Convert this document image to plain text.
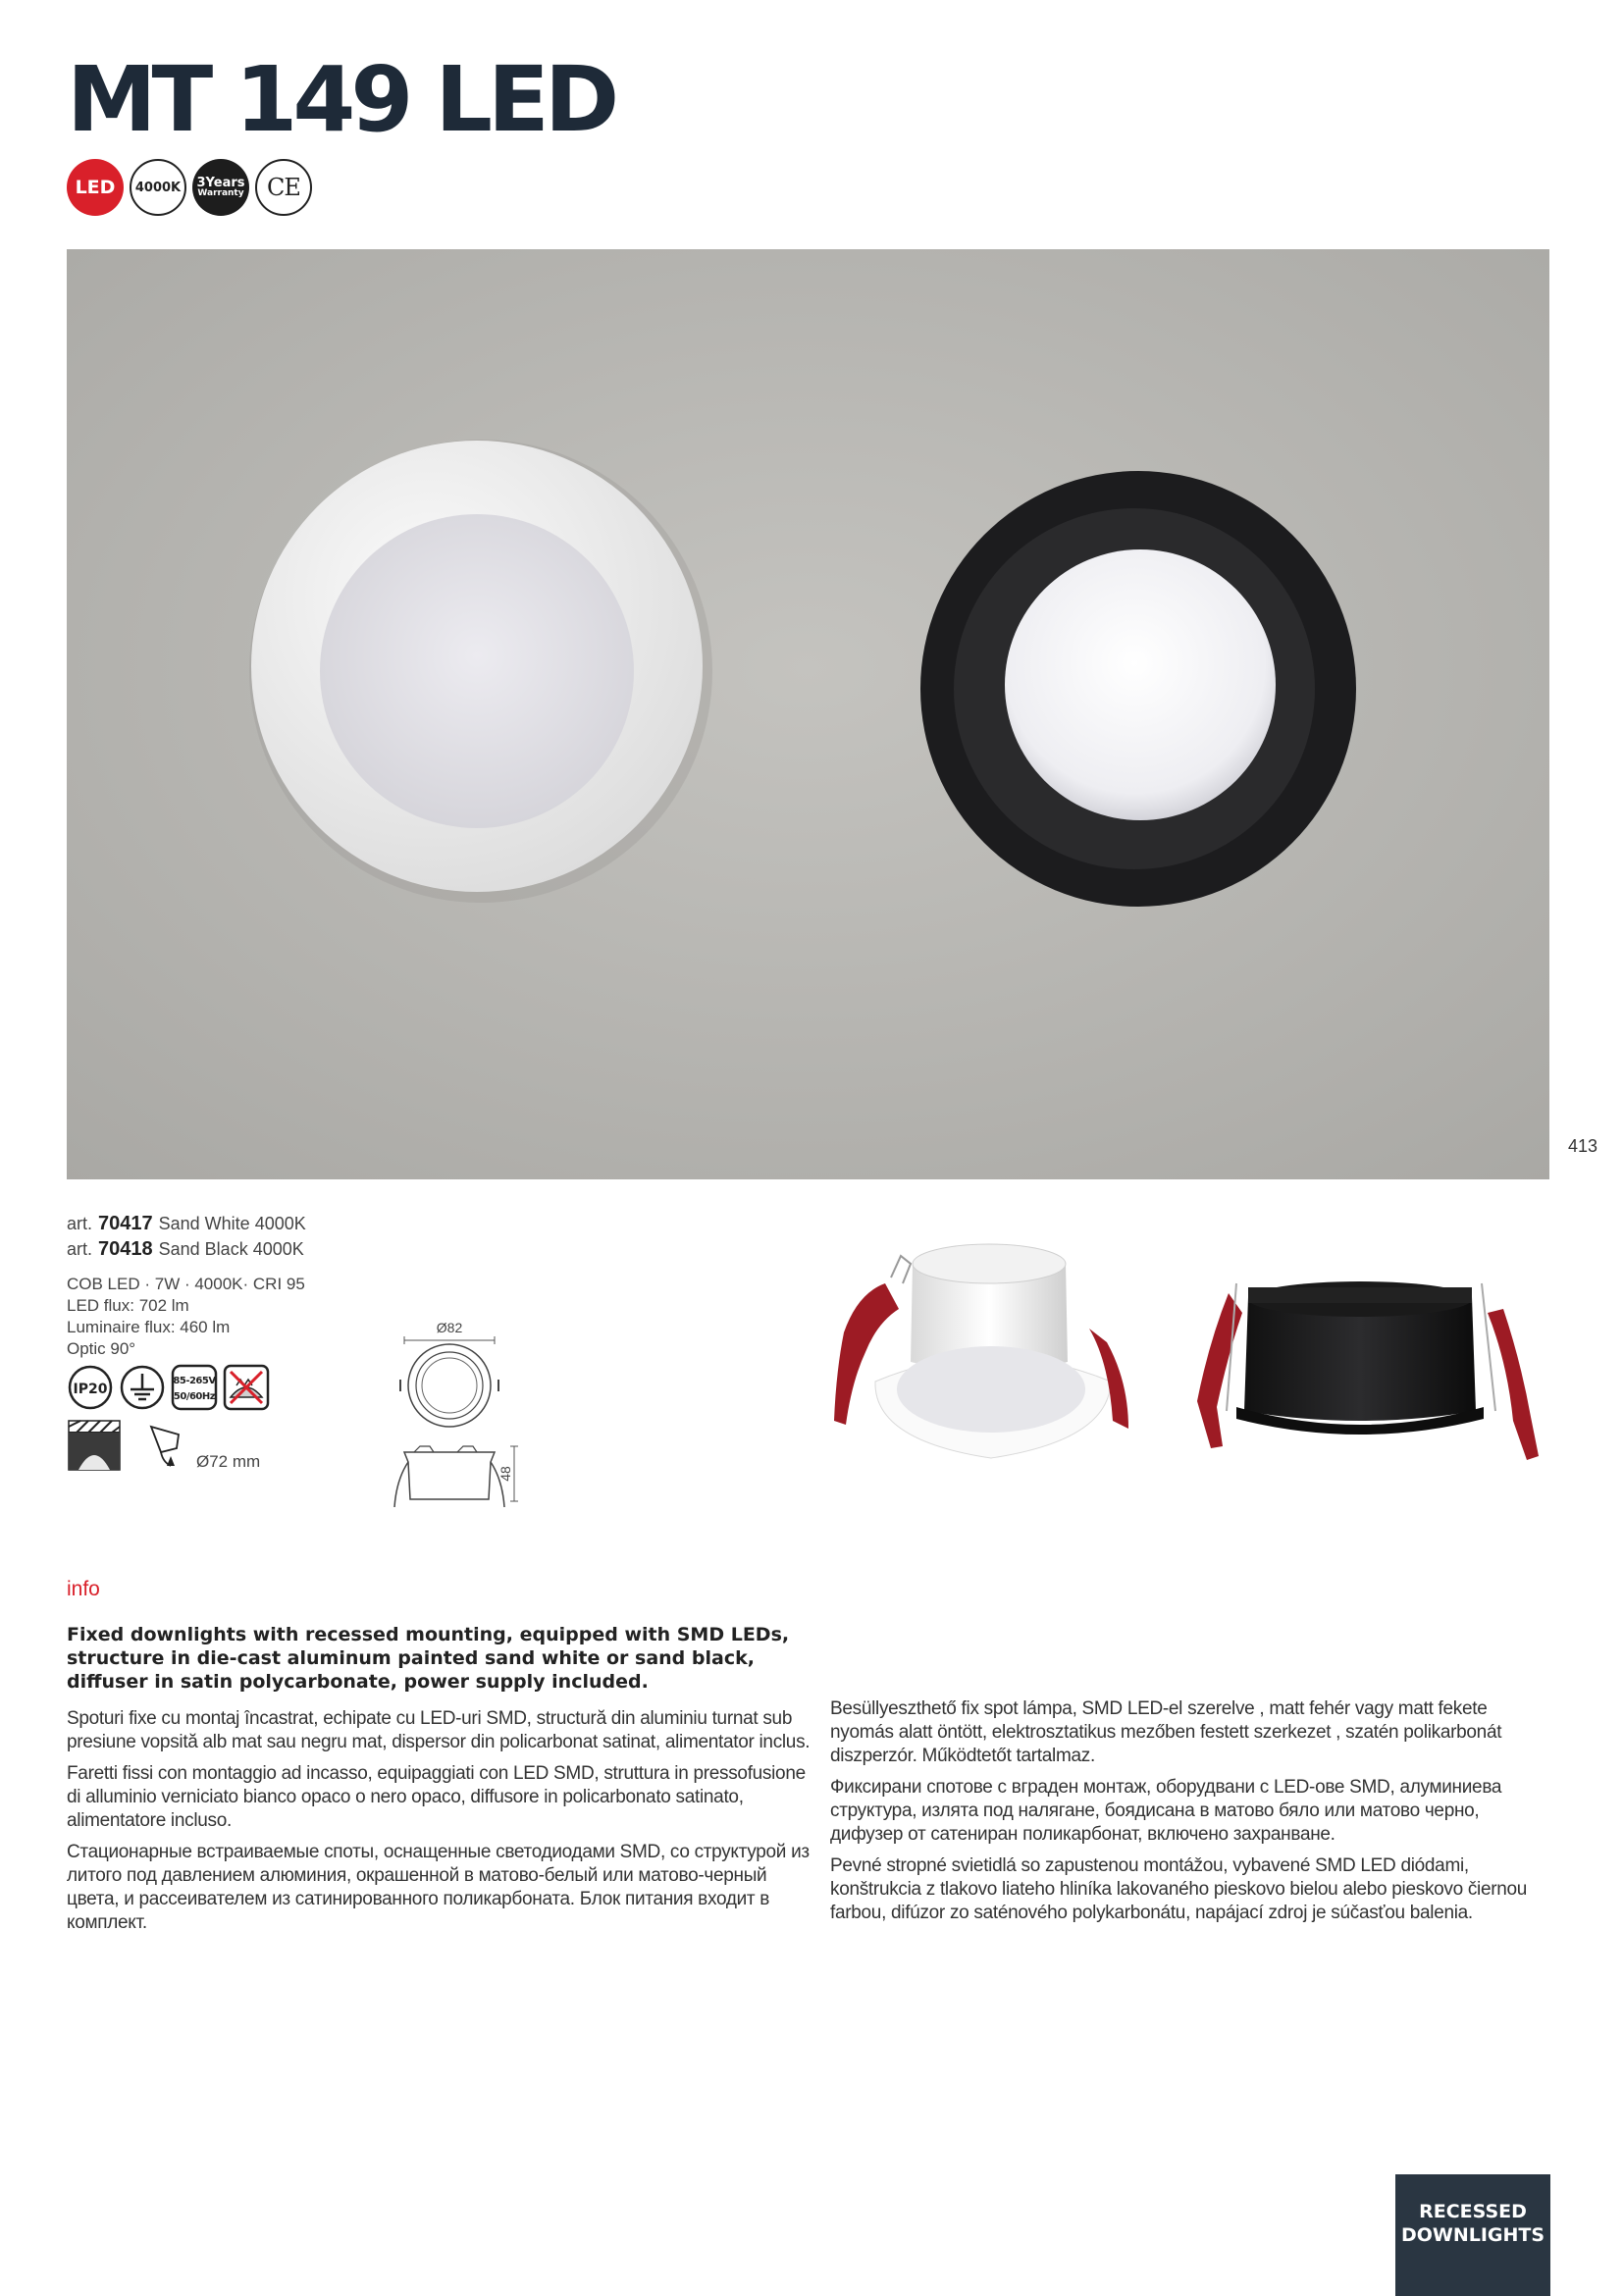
MT 149 LED
LED	4000K	3Years
Warranty CE
413
art. 70417 Sand White 4000K
art. 70418 Sand Black 4000K
COB LED · 7W · 4000K· CRI 95
LED flux: 702 lm
Luminaire flux: 460 lm
Optic 90°
IP20
85-265V
50/60Hz
Ø72 mm
Ø82
48
info
Fixed downlights with recessed mounting, equipped with SMD LEDs, structure in die-cast aluminum painted sand white or sand black, diffuser in satin polycarbonate, power supply included.

Spoturi fixe cu montaj încastrat, echipate cu LED-uri SMD, structură din aluminiu turnat sub presiune vopsită alb mat sau negru mat, dispersor din policarbonat satinat, alimentator inclus.

Faretti fissi con montaggio ad incasso, equipaggiati con LED SMD, struttura in pressofusione di alluminio verniciato bianco opaco o nero opaco, diffusore in policarbonato satinato, alimentatore incluso.

Стационарные встраиваемые споты, оснащенные светодиодами SMD, со структурой из литого под давлением алюминия, окрашенной в матово-белый или матово-черный цвета, и рассеивателем из сатинированного поликарбоната. Блок питания входит в комплект.

Besüllyeszthető fix spot lámpa, SMD LED-el szerelve , matt fehér vagy matt fekete nyomás alatt öntött, elektrosztatikus mezőben festett szerkezet , szatén polikarbonát diszperzór. Működtetőt tartalmaz.

Фиксирани спотове с вграден монтаж, оборудвани с LED-ове SMD, алуминиева структура, излята под налягане, боядисана в матово бяло или матово черно, дифузер от сатениран поликарбонат, включено захранване.

Pevné stropné svietidlá so zapustenou montážou, vybavené SMD LED diódami, konštrukcia z tlakovo liateho hliníka lakovaného pieskovo bielou alebo pieskovo čiernou farbou, difúzor zo saténového polykarbonátu, napájací zdroj je súčasťou balenia.

RECESSED
DOWNLIGHTS
